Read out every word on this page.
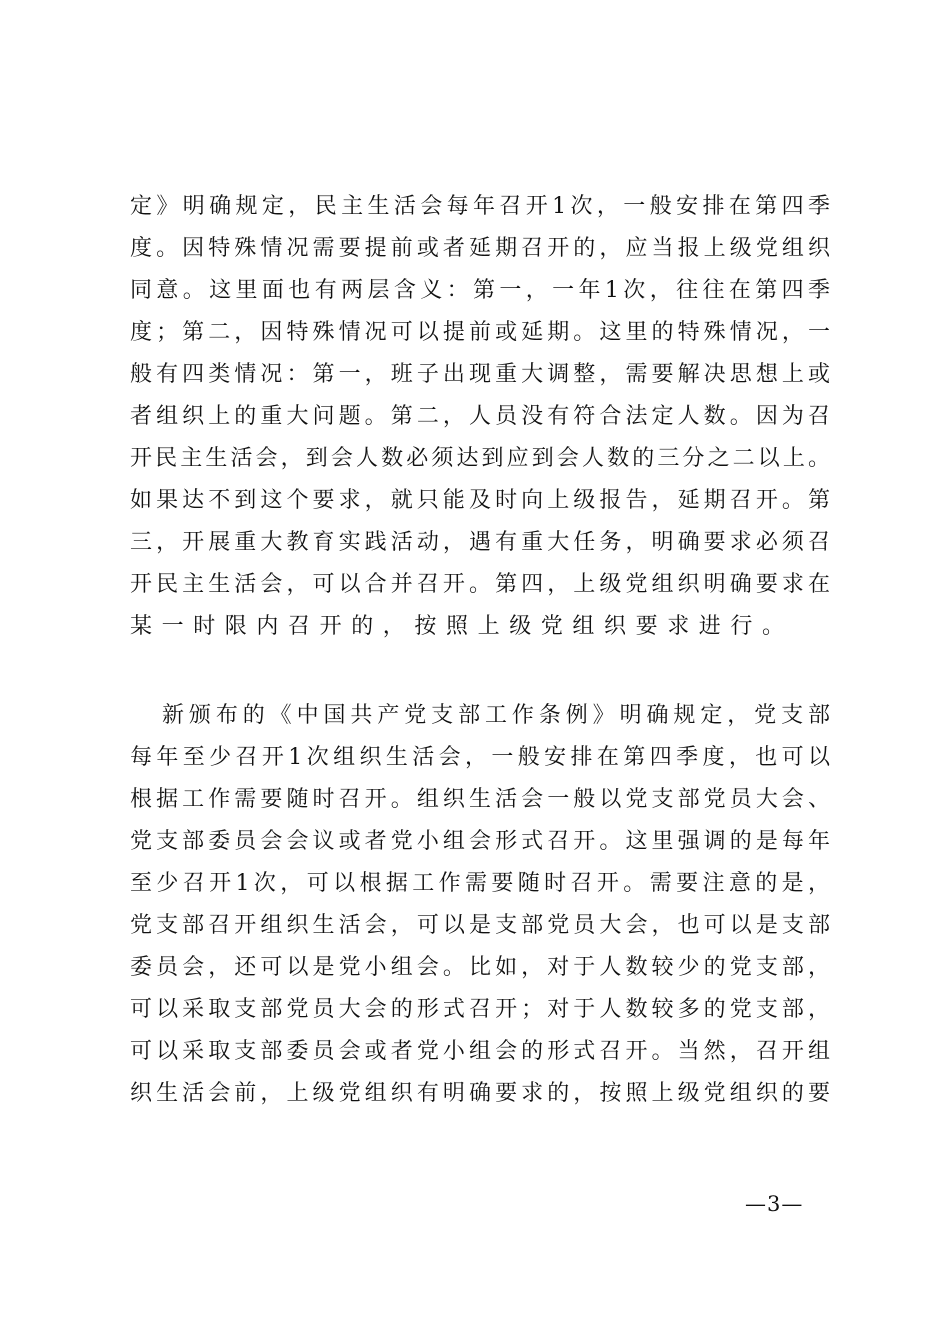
定》明确规定，民主生活会每年召开1次，一般安排在第四季
度。因特殊情况需要提前或者延期召开的，应当报上级党组织
同意。这里面也有两层含义：第一，一年1次，往往在第四季
度；第二，因特殊情况可以提前或延期。这里的特殊情况，一
般有四类情况：第一，班子出现重大调整，需要解决思想上或
者组织上的重大问题。第二，人员没有符合法定人数。因为召
开民主生活会，到会人数必须达到应到会人数的三分之二以上。
如果达不到这个要求，就只能及时向上级报告，延期召开。第
三，开展重大教育实践活动，遇有重大任务，明确要求必须召
开民主生活会，可以合并召开。第四，上级党组织明确要求在
某一时限内召开的，按照上级党组织要求进行。
新颁布的《中国共产党支部工作条例》明确规定，党支部
每年至少召开1次组织生活会，一般安排在第四季度，也可以
根据工作需要随时召开。组织生活会一般以党支部党员大会、
党支部委员会会议或者党小组会形式召开。这里强调的是每年
至少召开1次，可以根据工作需要随时召开。需要注意的是，
党支部召开组织生活会，可以是支部党员大会，也可以是支部
委员会，还可以是党小组会。比如，对于人数较少的党支部，
可以采取支部党员大会的形式召开；对于人数较多的党支部，
可以采取支部委员会或者党小组会的形式召开。当然，召开组
织生活会前，上级党组织有明确要求的，按照上级党组织的要
—3—
